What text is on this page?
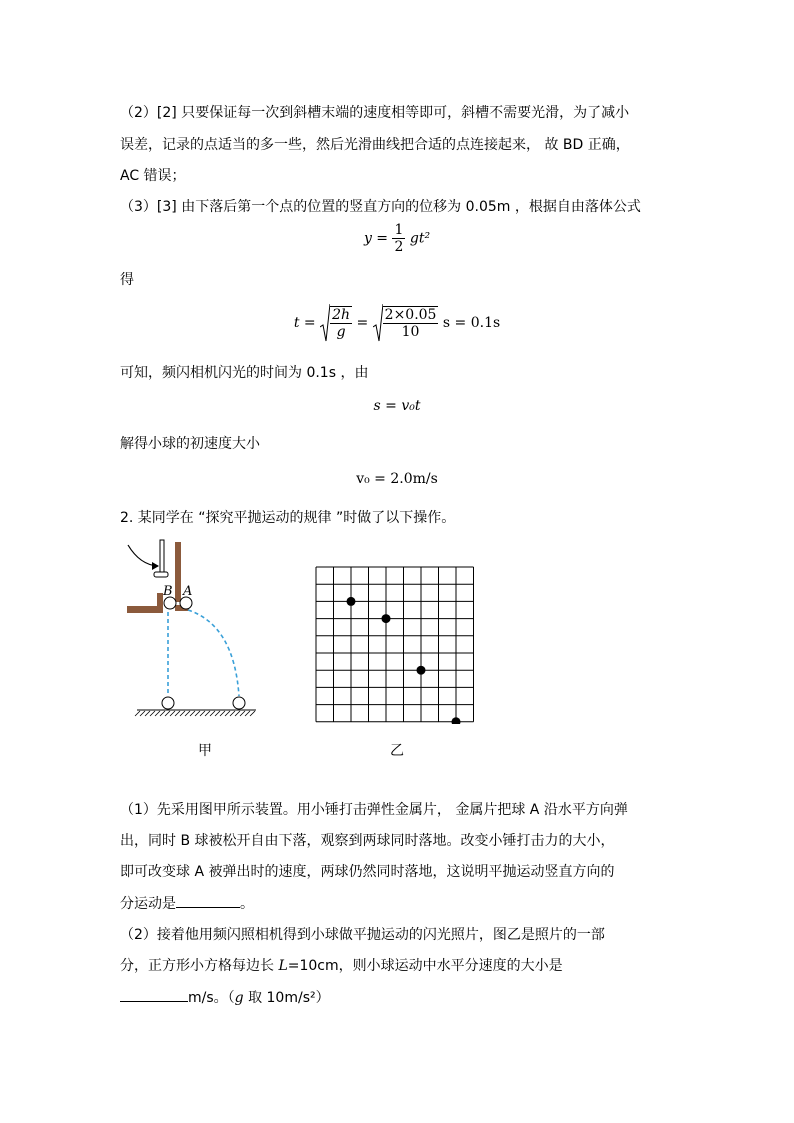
（2）[2] 只要保证每一次到斜槽末端的速度相等即可，斜槽不需要光滑，为了减小
误差，记录的点适当的多一些，然后光滑曲线把合适的点连接起来， 故 BD 正确，
AC 错误；
（3）[3] 由下落后第一个点的位置的竖直方向的位移为 0.05m ，根据自由落体公式
$y = \frac{1}{2} gt^2$
得
$t = \frac{2h}{g} = \frac{2\times 0.05}{10}$ s = 0.1s
可知，频闪相机闪光的时间为 0.1s ，由
s = v₀t
解得小球的初速度大小
v₀ = 2.0m/s
2. 某同学在 “探究平抛运动的规律 ”时做了以下操作。
B A
甲	乙
（1）先采用图甲所示装置。用小锤打击弹性金属片， 金属片把球 A 沿水平方向弹
出，同时 B 球被松开自由下落，观察到两球同时落地。改变小锤打击力的大小，
即可改变球 A 被弹出时的速度，两球仍然同时落地，这说明平抛运动竖直方向的
分运动是	。
（2）接着他用频闪照相机得到小球做平抛运动的闪光照片，图乙是照片的一部
分，正方形小方格每边长 L=10cm，则小球运动中水平分速度的大小是
m/s。（g 取 10m/s²）
